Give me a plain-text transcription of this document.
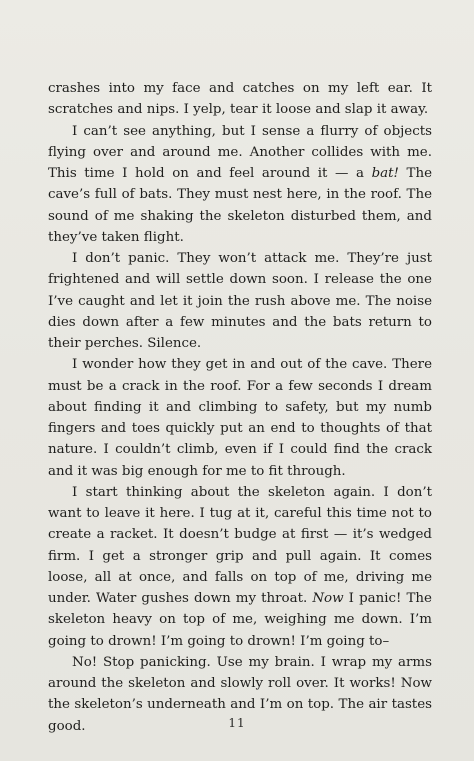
crashes into my face and catches on my left ear. It scratches and nips. I yelp, tear it loose and slap it away.

I can’t see anything, but I sense a flurry of objects flying over and around me. Another collides with me. This time I hold on and feel around it — a bat! The cave’s full of bats. They must nest here, in the roof. The sound of me shaking the skeleton disturbed them, and they’ve taken flight.

I don’t panic. They won’t attack me. They’re just frightened and will settle down soon. I release the one I’ve caught and let it join the rush above me. The noise dies down after a few minutes and the bats return to their perches. Silence.

I wonder how they get in and out of the cave. There must be a crack in the roof. For a few seconds I dream about finding it and climbing to safety, but my numb fingers and toes quickly put an end to thoughts of that nature. I couldn’t climb, even if I could find the crack and it was big enough for me to fit through.

I start thinking about the skeleton again. I don’t want to leave it here. I tug at it, careful this time not to create a racket. It doesn’t budge at first — it’s wedged firm. I get a stronger grip and pull again. It comes loose, all at once, and falls on top of me, driving me under. Water gushes down my throat. Now I panic! The skeleton heavy on top of me, weighing me down. I’m going to drown! I’m going to drown! I’m going to–

No! Stop panicking. Use my brain. I wrap my arms around the skeleton and slowly roll over. It works! Now the skeleton’s underneath and I’m on top. The air tastes good.	11
